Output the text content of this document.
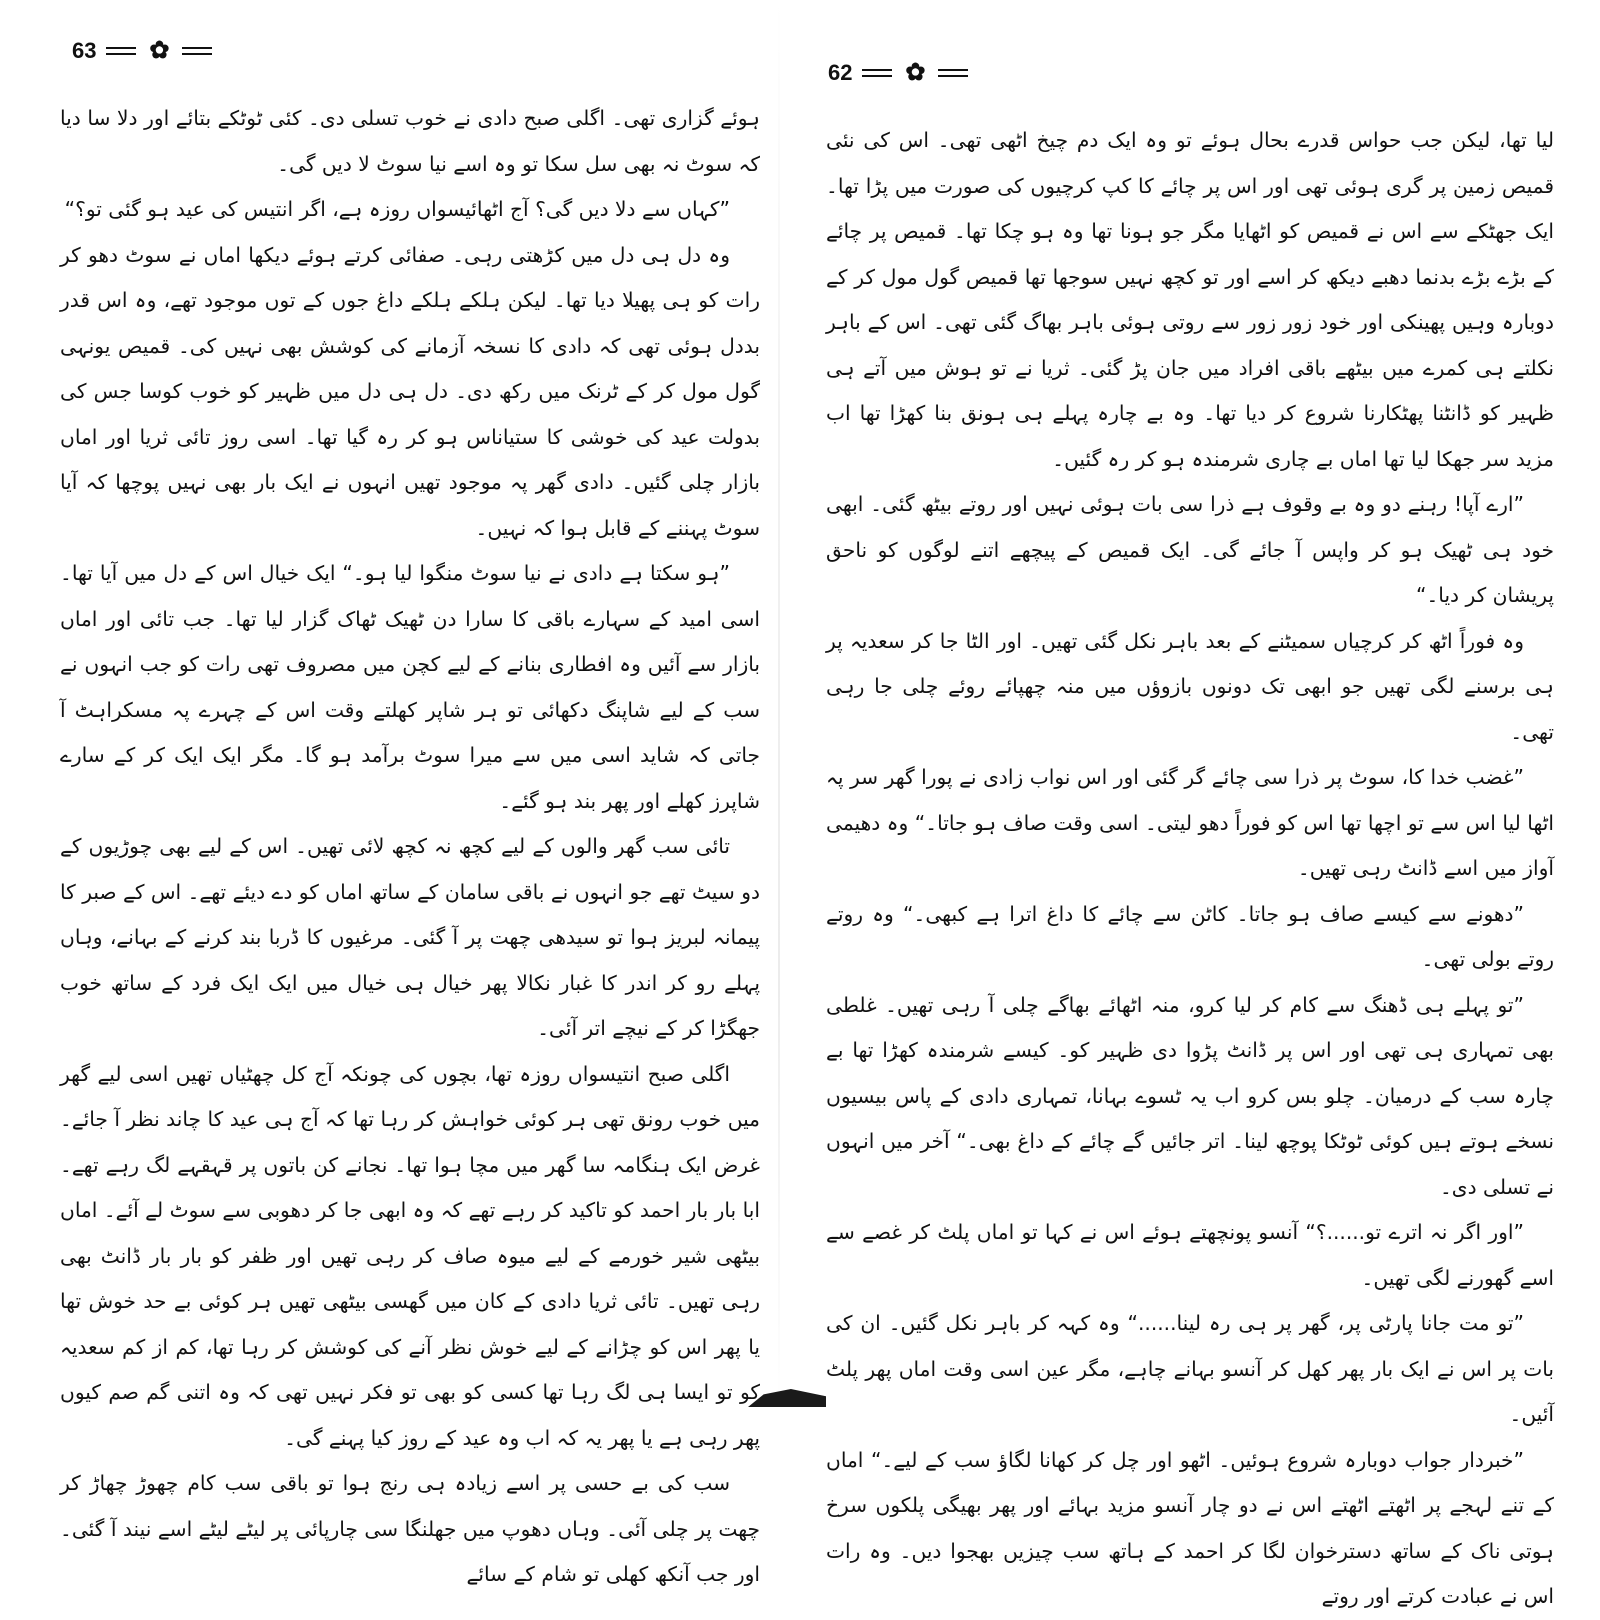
63 ✿

ہوئے گزاری تھی۔ اگلی صبح دادی نے خوب تسلی دی۔ کئی ٹوٹکے بتائے اور دلا سا دیا کہ سوٹ نہ بھی سل سکا تو وہ اسے نیا سوٹ لا دیں گی۔

”کہاں سے دلا دیں گی؟ آج اٹھائیسواں روزہ ہے، اگر انتیس کی عید ہو گئی تو؟“

وہ دل ہی دل میں کڑھتی رہی۔ صفائی کرتے ہوئے دیکھا اماں نے سوٹ دھو کر رات کو ہی پھیلا دیا تھا۔ لیکن ہلکے ہلکے داغ جوں کے توں موجود تھے، وہ اس قدر بددل ہوئی تھی کہ دادی کا نسخہ آزمانے کی کوشش بھی نہیں کی۔ قمیص یونہی گول مول کر کے ٹرنک میں رکھ دی۔ دل ہی دل میں ظہیر کو خوب کوسا جس کی بدولت عید کی خوشی کا ستیاناس ہو کر رہ گیا تھا۔ اسی روز تائی ثریا اور اماں بازار چلی گئیں۔ دادی گھر پہ موجود تھیں انہوں نے ایک بار بھی نہیں پوچھا کہ آیا سوٹ پہننے کے قابل ہوا کہ نہیں۔

”ہو سکتا ہے دادی نے نیا سوٹ منگوا لیا ہو۔“ ایک خیال اس کے دل میں آیا تھا۔ اسی امید کے سہارے باقی کا سارا دن ٹھیک ٹھاک گزار لیا تھا۔ جب تائی اور اماں بازار سے آئیں وہ افطاری بنانے کے لیے کچن میں مصروف تھی رات کو جب انہوں نے سب کے لیے شاپنگ دکھائی تو ہر شاپر کھلتے وقت اس کے چہرے پہ مسکراہٹ آ جاتی کہ شاید اسی میں سے میرا سوٹ برآمد ہو گا۔ مگر ایک ایک کر کے سارے شاپرز کھلے اور پھر بند ہو گئے۔

تائی سب گھر والوں کے لیے کچھ نہ کچھ لائی تھیں۔ اس کے لیے بھی چوڑیوں کے دو سیٹ تھے جو انہوں نے باقی سامان کے ساتھ اماں کو دے دیئے تھے۔ اس کے صبر کا پیمانہ لبریز ہوا تو سیدھی چھت پر آ گئی۔ مرغیوں کا ڈربا بند کرنے کے بہانے، وہاں پہلے رو کر اندر کا غبار نکالا پھر خیال ہی خیال میں ایک ایک فرد کے ساتھ خوب جھگڑا کر کے نیچے اتر آئی۔

اگلی صبح انتیسواں روزہ تھا، بچوں کی چونکہ آج کل چھٹیاں تھیں اسی لیے گھر میں خوب رونق تھی ہر کوئی خواہش کر رہا تھا کہ آج ہی عید کا چاند نظر آ جائے۔ غرض ایک ہنگامہ سا گھر میں مچا ہوا تھا۔ نجانے کن باتوں پر قہقہے لگ رہے تھے۔ ابا بار بار احمد کو تاکید کر رہے تھے کہ وہ ابھی جا کر دھوبی سے سوٹ لے آئے۔ اماں بیٹھی شیر خورمے کے لیے میوہ صاف کر رہی تھیں اور ظفر کو بار بار ڈانٹ بھی رہی تھیں۔ تائی ثریا دادی کے کان میں گھسی بیٹھی تھیں ہر کوئی بے حد خوش تھا یا پھر اس کو چڑانے کے لیے خوش نظر آنے کی کوشش کر رہا تھا، کم از کم سعدیہ کو تو ایسا ہی لگ رہا تھا کسی کو بھی تو فکر نہیں تھی کہ وہ اتنی گم صم کیوں پھر رہی ہے یا پھر یہ کہ اب وہ عید کے روز کیا پہنے گی۔

سب کی بے حسی پر اسے زیادہ ہی رنج ہوا تو باقی سب کام چھوڑ چھاڑ کر چھت پر چلی آئی۔ وہاں دھوپ میں جھلنگا سی چارپائی پر لیٹے لیٹے اسے نیند آ گئی۔ اور جب آنکھ کھلی تو شام کے سائے

62 ✿

لیا تھا، لیکن جب حواس قدرے بحال ہوئے تو وہ ایک دم چیخ اٹھی تھی۔ اس کی نئی قمیص زمین پر گری ہوئی تھی اور اس پر چائے کا کپ کرچیوں کی صورت میں پڑا تھا۔ ایک جھٹکے سے اس نے قمیص کو اٹھایا مگر جو ہونا تھا وہ ہو چکا تھا۔ قمیص پر چائے کے بڑے بڑے بدنما دھبے دیکھ کر اسے اور تو کچھ نہیں سوجھا تھا قمیص گول مول کر کے دوبارہ وہیں پھینکی اور خود زور زور سے روتی ہوئی باہر بھاگ گئی تھی۔ اس کے باہر نکلتے ہی کمرے میں بیٹھے باقی افراد میں جان پڑ گئی۔ ثریا نے تو ہوش میں آتے ہی ظہیر کو ڈانٹنا پھٹکارنا شروع کر دیا تھا۔ وہ بے چارہ پہلے ہی ہونق بنا کھڑا تھا اب مزید سر جھکا لیا تھا اماں بے چاری شرمندہ ہو کر رہ گئیں۔

”ارے آپا! رہنے دو وہ بے وقوف ہے ذرا سی بات ہوئی نہیں اور روتے بیٹھ گئی۔ ابھی خود ہی ٹھیک ہو کر واپس آ جائے گی۔ ایک قمیص کے پیچھے اتنے لوگوں کو ناحق پریشان کر دیا۔“

وہ فوراً اٹھ کر کرچیاں سمیٹنے کے بعد باہر نکل گئی تھیں۔ اور الٹا جا کر سعدیہ پر ہی برسنے لگی تھیں جو ابھی تک دونوں بازوؤں میں منہ چھپائے روئے چلی جا رہی تھی۔

”غضب خدا کا، سوٹ پر ذرا سی چائے گر گئی اور اس نواب زادی نے پورا گھر سر پہ اٹھا لیا اس سے تو اچھا تھا اس کو فوراً دھو لیتی۔ اسی وقت صاف ہو جاتا۔“ وہ دھیمی آواز میں اسے ڈانٹ رہی تھیں۔

”دھونے سے کیسے صاف ہو جاتا۔ کاٹن سے چائے کا داغ اترا ہے کبھی۔“ وہ روتے روتے بولی تھی۔

”تو پہلے ہی ڈھنگ سے کام کر لیا کرو، منہ اٹھائے بھاگے چلی آ رہی تھیں۔ غلطی بھی تمہاری ہی تھی اور اس پر ڈانٹ پڑوا دی ظہیر کو۔ کیسے شرمندہ کھڑا تھا بے چارہ سب کے درمیان۔ چلو بس کرو اب یہ ٹسوے بہانا، تمہاری دادی کے پاس بیسیوں نسخے ہوتے ہیں کوئی ٹوٹکا پوچھ لینا۔ اتر جائیں گے چائے کے داغ بھی۔“ آخر میں انہوں نے تسلی دی۔

”اور اگر نہ اترے تو......؟“ آنسو پونچھتے ہوئے اس نے کہا تو اماں پلٹ کر غصے سے اسے گھورنے لگی تھیں۔

”تو مت جانا پارٹی پر، گھر پر ہی رہ لینا......“ وہ کہہ کر باہر نکل گئیں۔ ان کی بات پر اس نے ایک بار پھر کھل کر آنسو بہانے چاہے، مگر عین اسی وقت اماں پھر پلٹ آئیں۔

”خبردار جواب دوبارہ شروع ہوئیں۔ اٹھو اور چل کر کھانا لگاؤ سب کے لیے۔“ اماں کے تنے لہجے پر اٹھتے اٹھتے اس نے دو چار آنسو مزید بہائے اور پھر بھیگی پلکوں سرخ ہوتی ناک کے ساتھ دسترخوان لگا کر احمد کے ہاتھ سب چیزیں بھجوا دیں۔ وہ رات اس نے عبادت کرتے اور روتے
